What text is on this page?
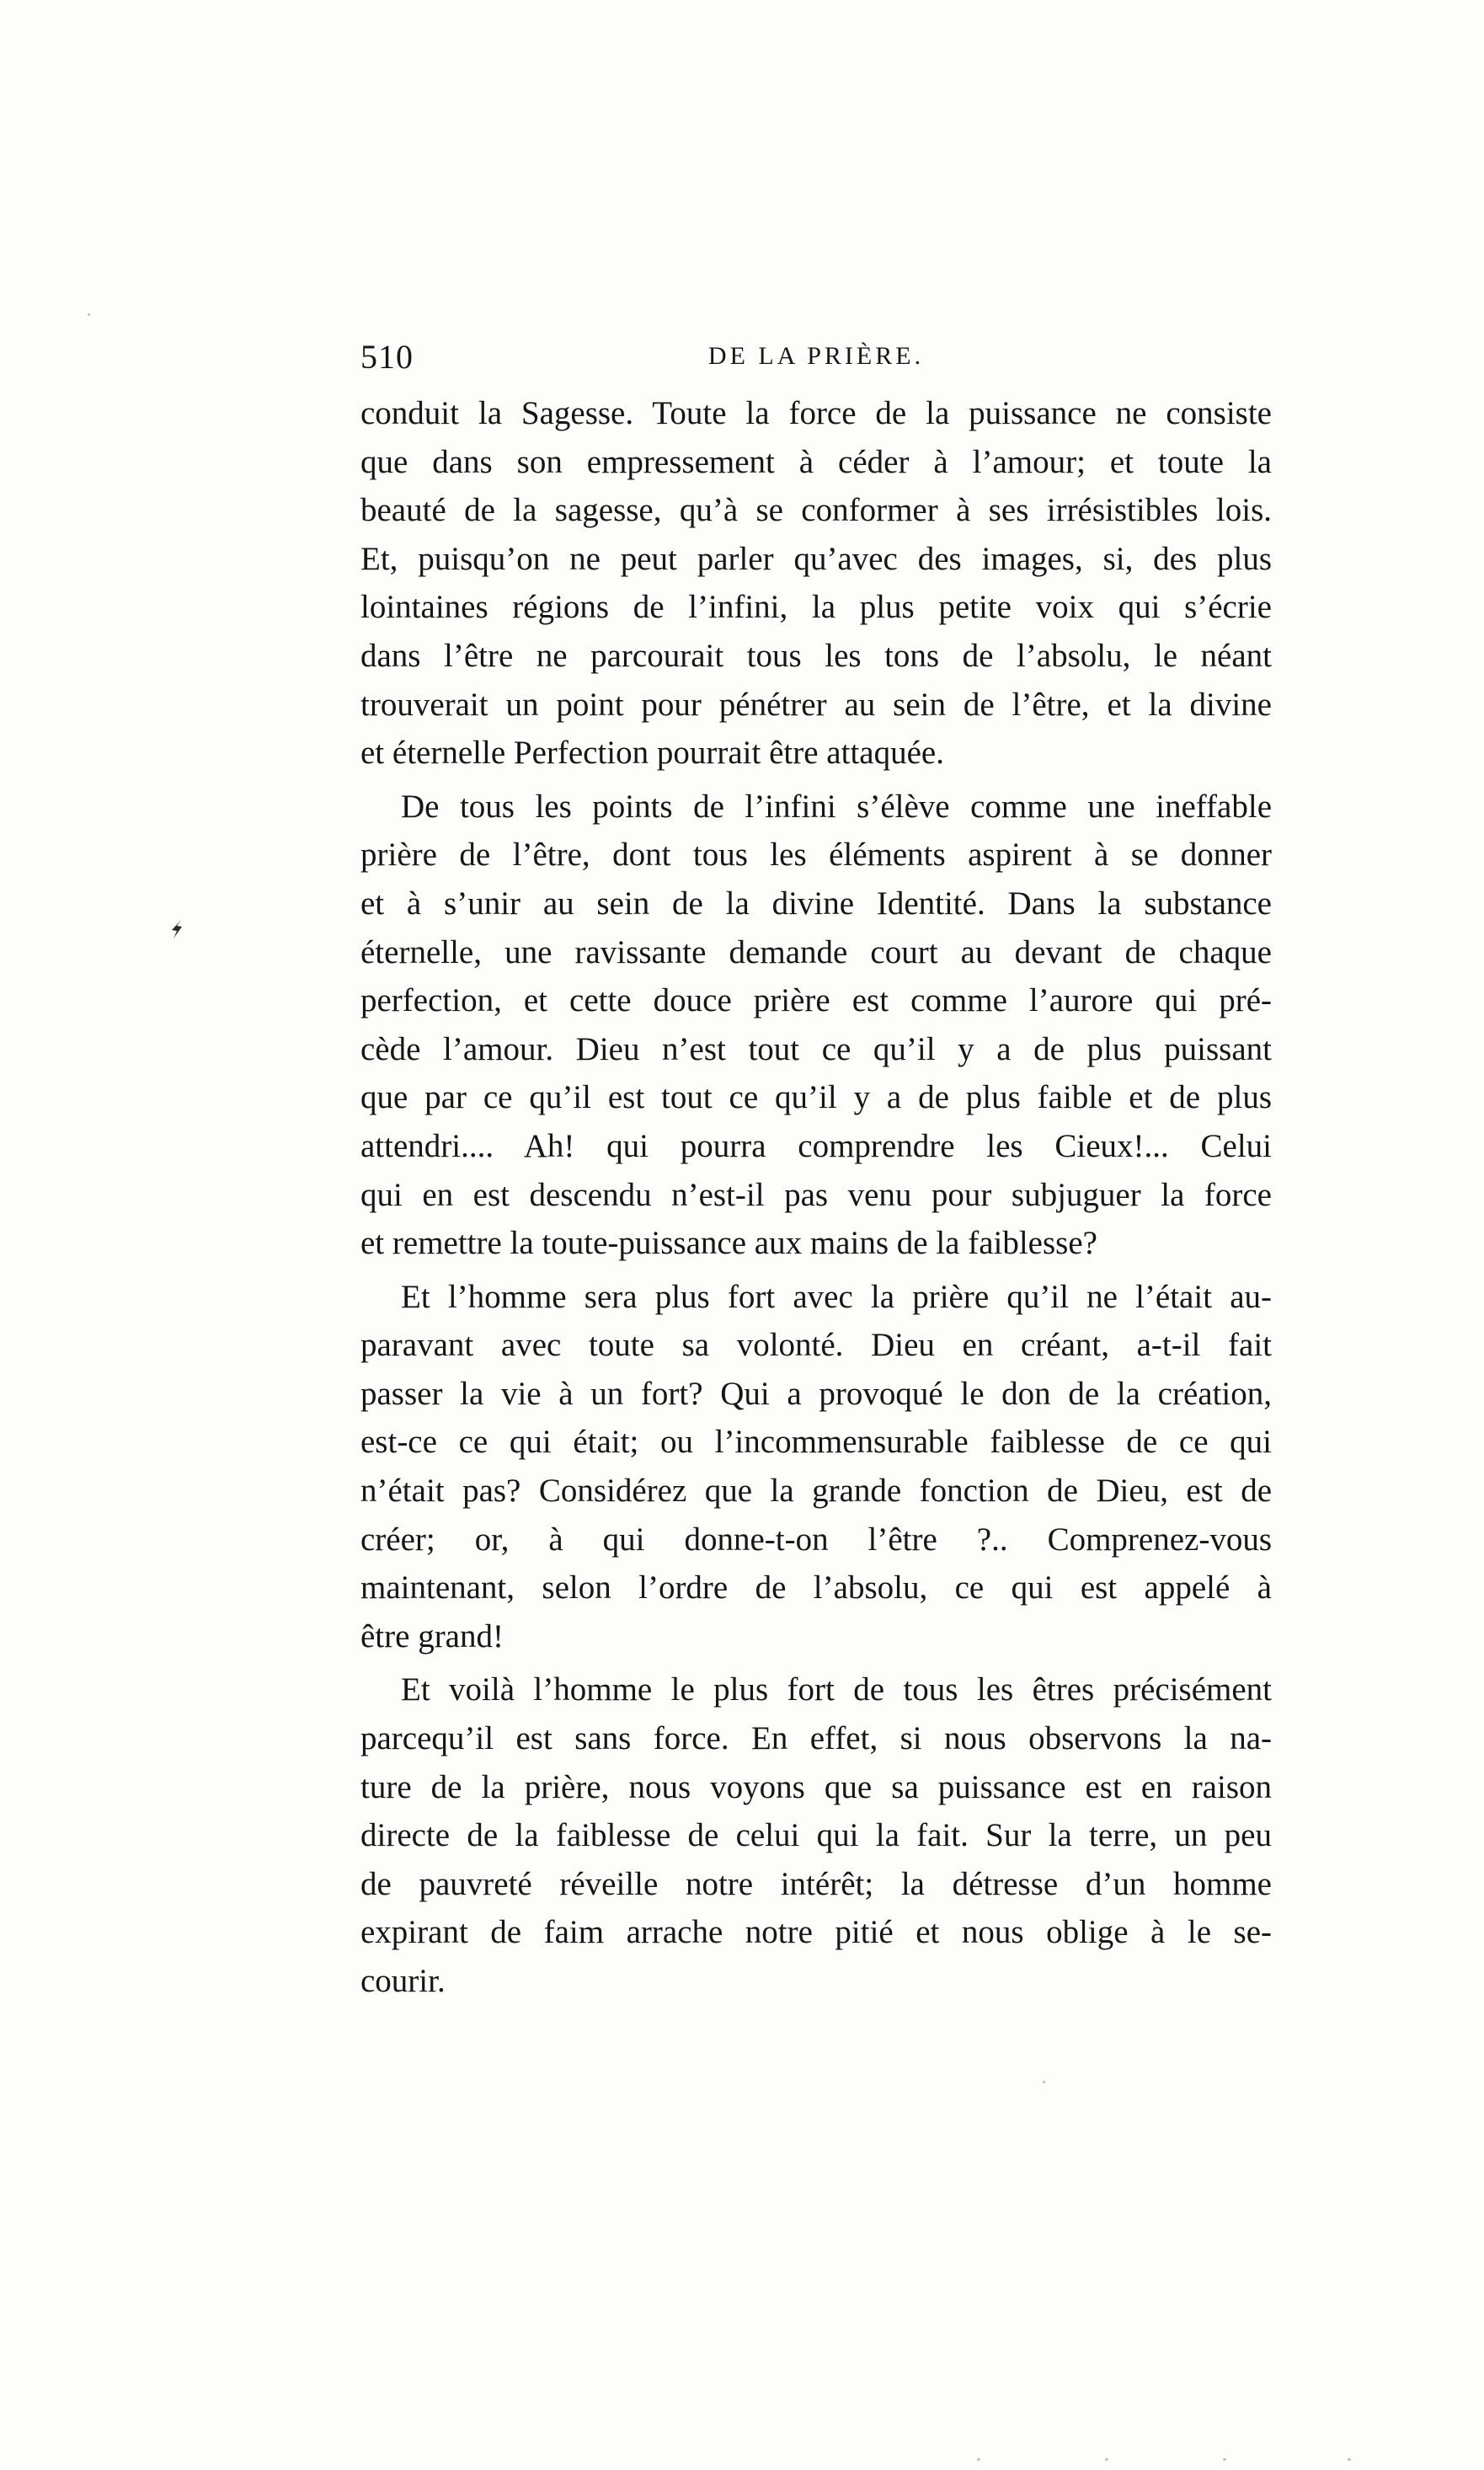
510	DE LA PRIÈRE.
conduit la Sagesse. Toute la force de la puissance ne consiste
que dans son empressement à céder à l’amour; et toute la
beauté de la sagesse, qu’à se conformer à ses irrésistibles lois.
Et, puisqu’on ne peut parler qu’avec des images, si, des plus
lointaines régions de l’infini, la plus petite voix qui s’écrie
dans l’être ne parcourait tous les tons de l’absolu, le néant
trouverait un point pour pénétrer au sein de l’être, et la divine
et éternelle Perfection pourrait être attaquée.
De tous les points de l’infini s’élève comme une ineffable
prière de l’être, dont tous les éléments aspirent à se donner
et à s’unir au sein de la divine Identité. Dans la substance
éternelle, une ravissante demande court au devant de chaque
perfection, et cette douce prière est comme l’aurore qui pré-
cède l’amour. Dieu n’est tout ce qu’il y a de plus puissant
que par ce qu’il est tout ce qu’il y a de plus faible et de plus
attendri.... Ah! qui pourra comprendre les Cieux!... Celui
qui en est descendu n’est-il pas venu pour subjuguer la force
et remettre la toute-puissance aux mains de la faiblesse?
Et l’homme sera plus fort avec la prière qu’il ne l’était au-
paravant avec toute sa volonté. Dieu en créant, a-t-il fait
passer la vie à un fort? Qui a provoqué le don de la création,
est-ce ce qui était; ou l’incommensurable faiblesse de ce qui
n’était pas? Considérez que la grande fonction de Dieu, est de
créer; or, à qui donne-t-on l’être ?.. Comprenez-vous
maintenant, selon l’ordre de l’absolu, ce qui est appelé à
être grand!
Et voilà l’homme le plus fort de tous les êtres précisément
parcequ’il est sans force. En effet, si nous observons la na-
ture de la prière, nous voyons que sa puissance est en raison
directe de la faiblesse de celui qui la fait. Sur la terre, un peu
de pauvreté réveille notre intérêt; la détresse d’un homme
expirant de faim arrache notre pitié et nous oblige à le se-
courir.
